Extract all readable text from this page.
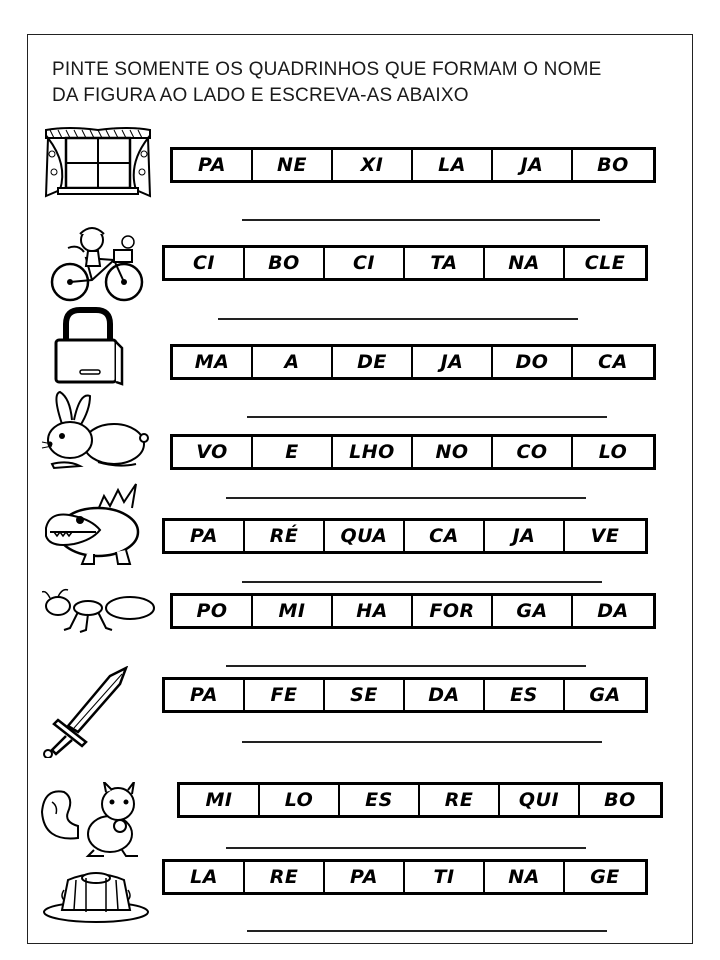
PINTE SOMENTE OS QUADRINHOS QUE FORMAM O NOME
DA FIGURA AO LADO E ESCREVA-AS ABAIXO
PA	NE	XI	LA	JA	BO
CI	BO	CI	TA	NA	CLE
MA	A	DE	JA	DO	CA
VO	E	LHO	NO	CO	LO
PA	RÉ	QUA	CA	JA	VE
PO	MI	HA	FOR	GA	DA
PA	FE	SE	DA	ES	GA
MI	LO	ES	RE	QUI	BO
LA	RE	PA	TI	NA	GE
